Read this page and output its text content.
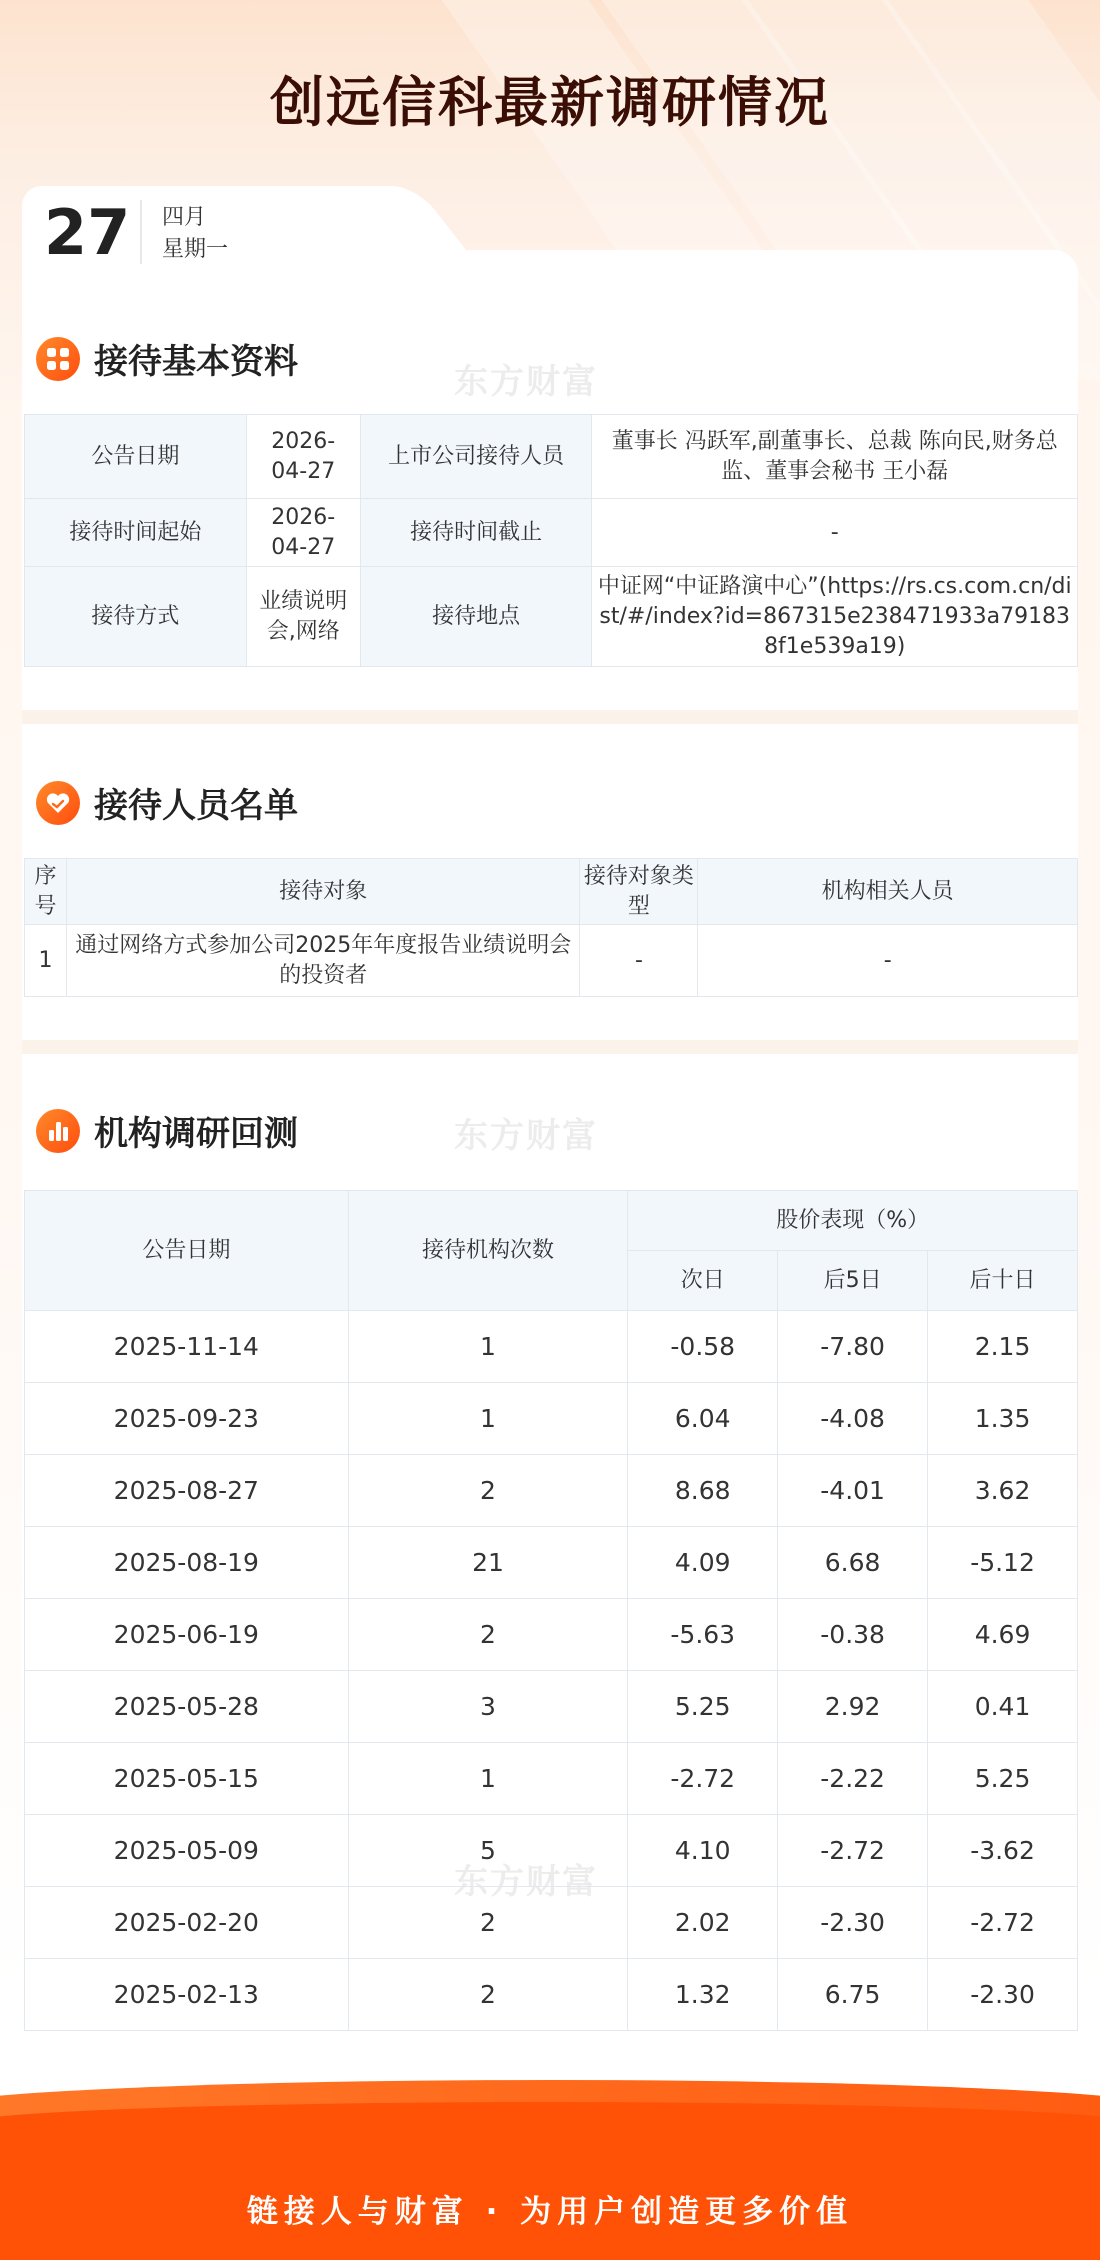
创远信科最新调研情况
东方财富
接待基本资料
公告日期	2026-04-27	上市公司接待人员	董事长 冯跃军,副董事长、总裁 陈向民,财务总监、董事会秘书 王小磊
接待时间起始	2026-04-27	接待时间截止	-
接待方式	业绩说明会,网络	接待地点	中证网“中证路演中心”(https://rs.cs.com.cn/dist/#/index?id=867315e238471933a791838f1e539a19)
27 四月
星期一
接待人员名单
序号	接待对象	接待对象类型	机构相关人员
1	通过网络方式参加公司2025年年度报告业绩说明会的投资者	-	-
东方财富
东方财富
机构调研回测
公告日期	接待机构次数	股价表现（%）		
		次日	后5日	后十日
2025-11-14	1	-0.58	-7.80	2.15
2025-09-23	1	6.04	-4.08	1.35
2025-08-27	2	8.68	-4.01	3.62
2025-08-19	21	4.09	6.68	-5.12
2025-06-19	2	-5.63	-0.38	4.69
2025-05-28	3	5.25	2.92	0.41
2025-05-15	1	-2.72	-2.22	5.25
2025-05-09	5	4.10	-2.72	-3.62
2025-02-20	2	2.02	-2.30	-2.72
2025-02-13	2	1.32	6.75	-2.30
链接人与财富 · 为用户创造更多价值
